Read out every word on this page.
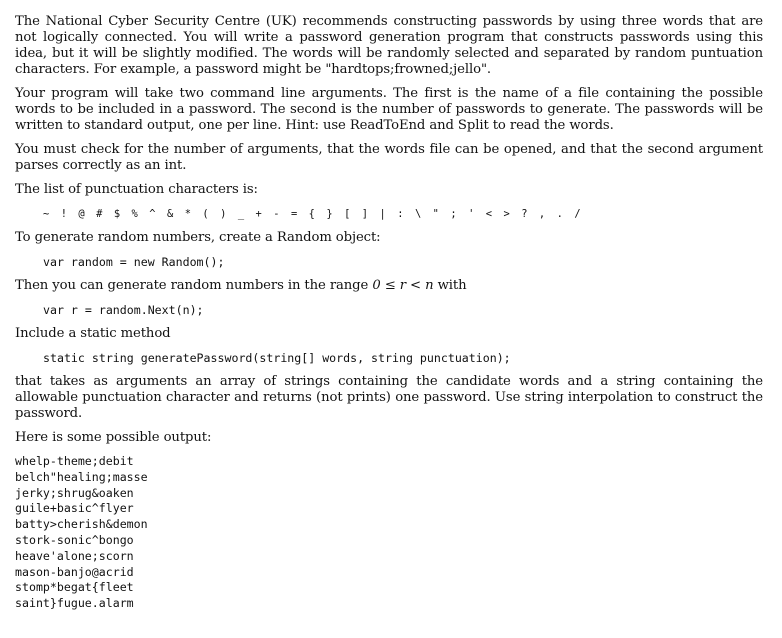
The National Cyber Security Centre (UK) recommends constructing passwords by using three words that are not logically connected. You will write a password generation program that constructs passwords using this idea, but it will be slightly modified. The words will be randomly selected and separated by random puntuation characters. For example, a password might be "hardtops;frowned;jello".

Your program will take two command line arguments. The first is the name of a file containing the possible words to be included in a password. The second is the number of passwords to generate. The passwords will be written to standard output, one per line. Hint: use ReadToEnd and Split to read the words.

You must check for the number of arguments, that the words file can be opened, and that the second argument parses correctly as an int.

The list of punctuation characters is:

~ ! @ # $ % ^ & * ( ) _ + - = { } [ ] | : \ " ; ' < > ? , . /

To generate random numbers, create a Random object:

var random = new Random();

Then you can generate random numbers in the range 0 ≤ r < n with

var r = random.Next(n);

Include a static method

static string generatePassword(string[] words, string punctuation);

that takes as arguments an array of strings containing the candidate words and a string containing the allowable punctuation character and returns (not prints) one password. Use string interpolation to construct the password.

Here is some possible output:

whelp-theme;debit
belch"healing;masse
jerky;shrug&oaken
guile+basic^flyer
batty>cherish&demon
stork-sonic^bongo
heave'alone;scorn
mason-banjo@acrid
stomp*begat{fleet
saint}fugue.alarm
